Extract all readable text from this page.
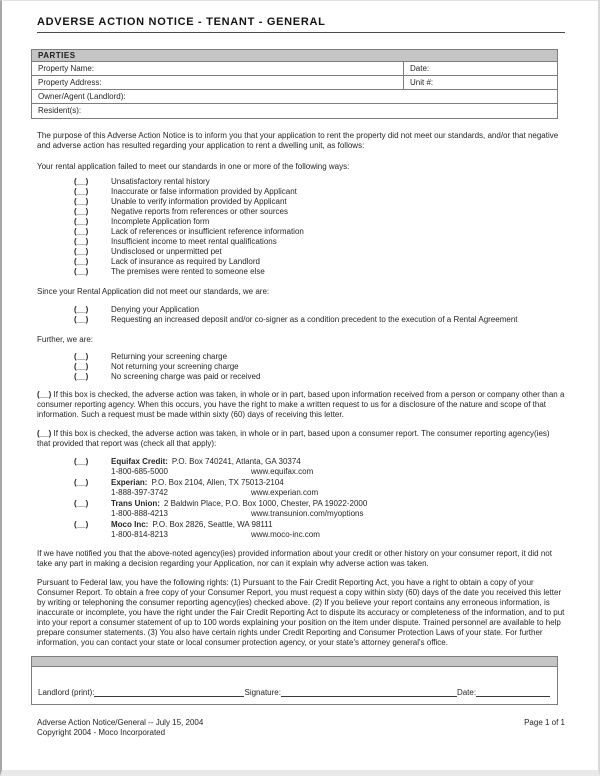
ADVERSE ACTION NOTICE - TENANT - GENERAL
PARTIES
Property Name:	Date:
Property Address:	Unit #:
Owner/Agent (Landlord):
Resident(s):
The purpose of this Adverse Action Notice is to inform you that your application to rent the property did not meet our standards, and/or that negative and adverse action has resulted regarding your application to rent a dwelling unit, as follows:
Your rental application failed to meet our standards in one or more of the following ways:
(__)	Unsatisfactory rental history
(__)	Inaccurate or false information provided by Applicant
(__)	Unable to verify information provided by Applicant
(__)	Negative reports from references or other sources
(__)	Incomplete Application form
(__)	Lack of references or insufficient reference information
(__)	Insufficient income to meet rental qualifications
(__)	Undisclosed or unpermitted pet
(__)	Lack of insurance as required by Landlord
(__)	The premises were rented to someone else
Since your Rental Application did not meet our standards, we are:
(__)	Denying your Application
(__)	Requesting an increased deposit and/or co-signer as a condition precedent to the execution of a Rental Agreement
Further, we are:
(__)	Returning your screening charge
(__)	Not returning your screening charge
(__)	No screening charge was paid or received
(__) If this box is checked, the adverse action was taken, in whole or in part, based upon information received from a person or company other than a consumer reporting agency. When this occurs, you have the right to make a written request to us for a disclosure of the nature and scope of that information. Such a request must be made within sixty (60) days of receiving this letter.
(__) If this box is checked, the adverse action was taken, in whole or in part, based upon a consumer report. The consumer reporting agency(ies) that provided that report was (check all that apply):
(__)	Equifax Credit: P.O. Box 740241, Atlanta, GA 30374
1-800-685-5000	www.equifax.com
(__)	Experian: P.O. Box 2104, Allen, TX 75013-2104
1-888-397-3742	www.experian.com
(__)	Trans Union: 2 Baldwin Place, P.O. Box 1000, Chester, PA 19022-2000
1-800-888-4213	www.transunion.com/myoptions
(__)	Moco Inc: P.O. Box 2826, Seattle, WA 98111
1-800-814-8213	www.moco-inc.com
If we have notified you that the above-noted agency(ies) provided information about your credit or other history on your consumer report, it did not take any part in making a decision regarding your Application, nor can it explain why adverse action was taken.
Pursuant to Federal law, you have the following rights: (1) Pursuant to the Fair Credit Reporting Act, you have a right to obtain a copy of your Consumer Report. To obtain a free copy of your Consumer Report, you must request a copy within sixty (60) days of the date you received this letter by writing or telephoning the consumer reporting agency(ies) checked above. (2) If you believe your report contains any erroneous information, is inaccurate or incomplete, you have the right under the Fair Credit Reporting Act to dispute its accuracy or completeness of the information, and to put into your report a consumer statement of up to 100 words explaining your position on the item under dispute. Trained personnel are available to help prepare consumer statements. (3) You also have certain rights under Credit Reporting and Consumer Protection Laws of your state. For further information, you can contact your state or local consumer protection agency, or your state's attorney general's office.
Landlord (print):	Signature:	Date:
Adverse Action Notice/General -- July 15, 2004	Page 1 of 1
Copyright 2004 - Moco Incorporated
